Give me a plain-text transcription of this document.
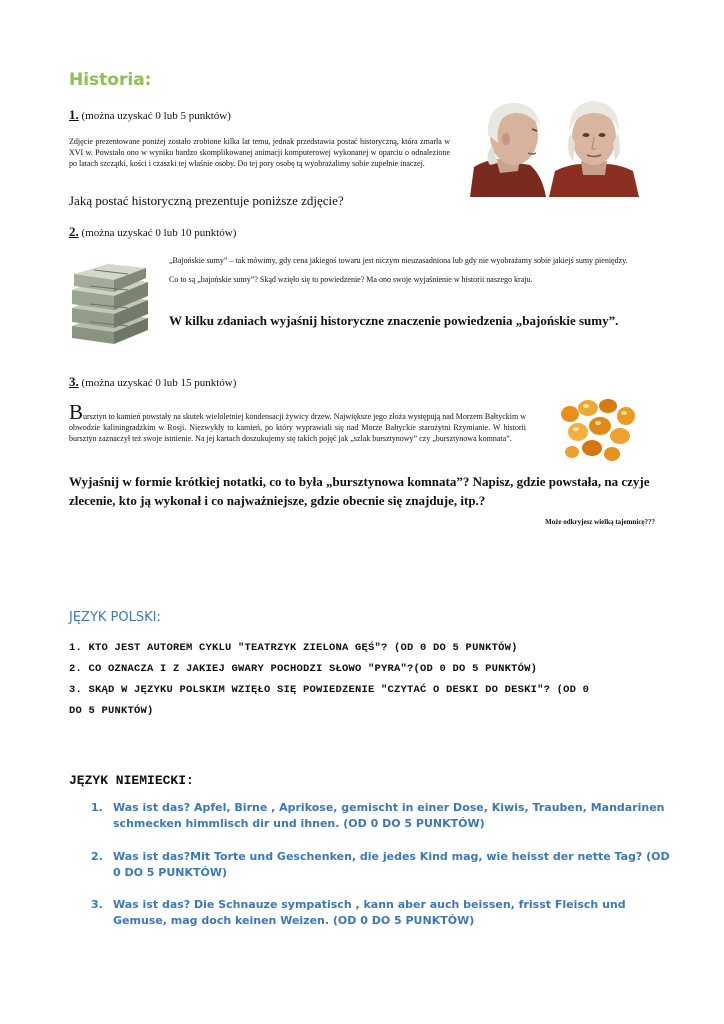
Historia:
1. (można uzyskać 0 lub 5 punktów)
Zdjęcie prezentowane poniżej zostało zrobione kilka lat temu, jednak przedstawia postać historyczną, która zmarła w XVI w. Powstało ono w wyniku bardzo skomplikowanej animacji komputerowej wykonanej w oparciu o odnalezione po latach szczątki, kości i czaszki tej właśnie osoby. Do tej pory osobę tą wyobrażalimy sobie zupełnie inaczej.
Jaką postać historyczną prezentuje poniższe zdjęcie?
2. (można uzyskać 0 lub 10 punktów)
„Bajońskie sumy” – tak mówimy, gdy cena jakiegoś towaru jest niczym nieuzasadniona lub gdy nie wyobrażamy sobie jakiejś sumy pieniędzy.
Co to są „bajońskie sumy”? Skąd wzięło się to powiedzenie? Ma ono swoje wyjaśnienie w historii naszego kraju.
W kilku zdaniach wyjaśnij historyczne znaczenie powiedzenia „bajońskie sumy”.
3. (można uzyskać 0 lub 15 punktów)
Bursztyn to kamień powstały na skutek wieloletniej kondensacji żywicy drzew. Największe jego złoża występują nad Morzem Bałtyckim w obwodzie kaliningradzkim w Rosji. Niezwykły to kamień, po który wyprawiali się nad Morze Bałtyckie starożytni Rzymianie. W historii bursztyn zaznaczył też swoje istnienie. Na jej kartach doszukujemy się takich pojęć jak „szlak bursztynowy” czy „bursztynowa komnata”.
Wyjaśnij w formie krótkiej notatki, co to była „bursztynowa komnata”? Napisz, gdzie powstała, na czyje zlecenie, kto ją wykonał i co najważniejsze, gdzie obecnie się znajduje, itp.?
Może odkryjesz wielką tajemnicę???
JĘZYK POLSKI:
1. KTO JEST AUTOREM CYKLU "TEATRZYK ZIELONA GĘŚ"? (OD 0 DO 5 PUNKTÓW)
2. CO OZNACZA I Z JAKIEJ GWARY POCHODZI SŁOWO "PYRA"?(OD 0 DO 5 PUNKTÓW)
3. SKĄD W JĘZYKU POLSKIM WZIĘŁO SIĘ POWIEDZENIE "CZYTAĆ O DESKI DO DESKI"? (OD 0
DO 5 PUNKTÓW)
JĘZYK NIEMIECKI:
1. Was ist das? Apfel, Birne , Aprikose, gemischt in einer Dose, Kiwis, Trauben, Mandarinen schmecken himmlisch dir und ihnen. (OD 0 DO 5 PUNKTÓW)
2. Was ist das?Mit Torte und Geschenken, die jedes Kind mag, wie heisst der nette Tag? (OD 0 DO 5 PUNKTÓW)
3. Was ist das? Die Schnauze sympatisch , kann aber auch beissen, frisst Fleisch und Gemuse, mag doch keinen Weizen. (OD 0 DO 5 PUNKTÓW)
